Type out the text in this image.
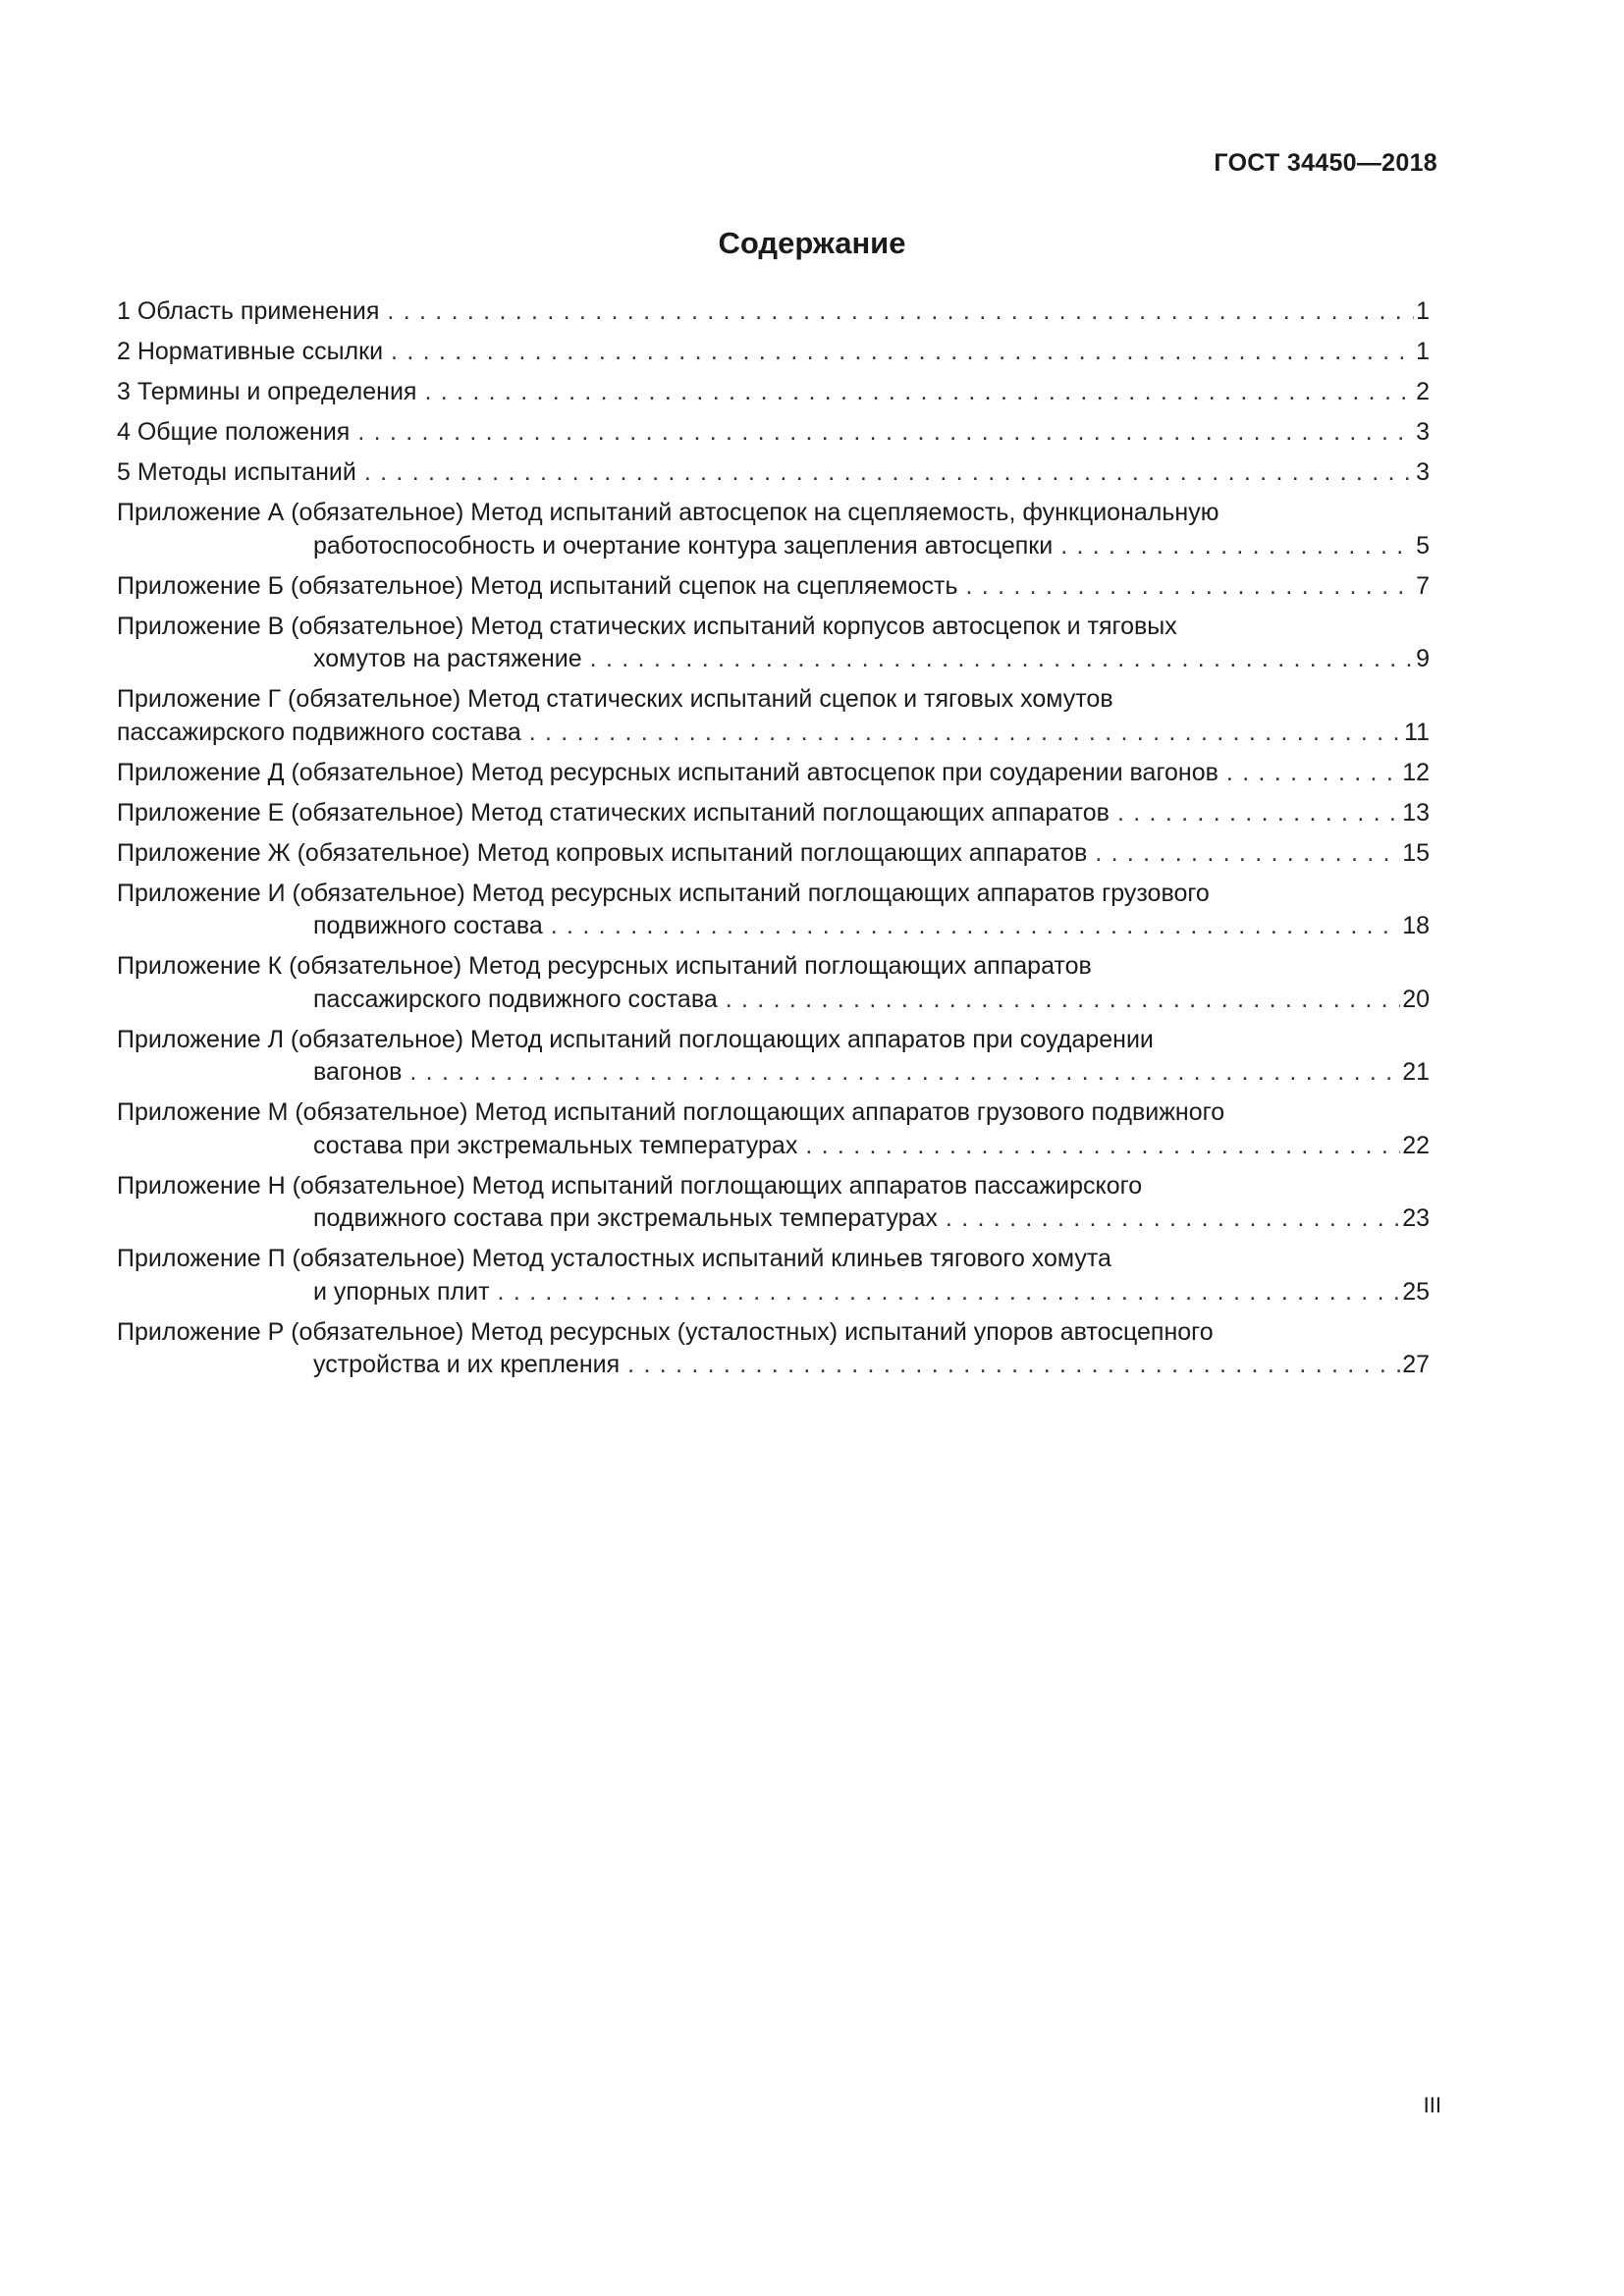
ГОСТ 34450—2018
Содержание
1 Область применения . . .	1
2 Нормативные ссылки . . .	1
3 Термины и определения . . .	2
4 Общие положения . . .	3
5 Методы испытаний . . .	3
Приложение А (обязательное) Метод испытаний автосцепок на сцепляемость, функциональную
работоспособность и очертание контура зацепления автосцепки . . .	5
Приложение Б (обязательное) Метод испытаний сцепок на сцепляемость . . .	7
Приложение В (обязательное) Метод статических испытаний корпусов автосцепок и тяговых
хомутов на растяжение . . .	9
Приложение Г (обязательное) Метод статических испытаний сцепок и тяговых хомутов
пассажирского подвижного состава . . .	11
Приложение Д (обязательное) Метод ресурсных испытаний автосцепок при соударении вагонов . . .	12
Приложение Е (обязательное) Метод статических испытаний поглощающих аппаратов . . .	13
Приложение Ж (обязательное) Метод копровых испытаний поглощающих аппаратов . . .	15
Приложение И (обязательное) Метод ресурсных испытаний поглощающих аппаратов грузового
подвижного состава . . .	18
Приложение К (обязательное) Метод ресурсных испытаний поглощающих аппаратов
пассажирского подвижного состава . . .	20
Приложение Л (обязательное) Метод испытаний поглощающих аппаратов при соударении
вагонов . . .	21
Приложение М (обязательное) Метод испытаний поглощающих аппаратов грузового подвижного
состава при экстремальных температурах . . .	22
Приложение Н (обязательное) Метод испытаний поглощающих аппаратов пассажирского
подвижного состава при экстремальных температурах . . .	23
Приложение П (обязательное) Метод усталостных испытаний клиньев тягового хомута
и упорных плит . . .	25
Приложение Р (обязательное) Метод ресурсных (усталостных) испытаний упоров автосцепного
устройства и их крепления . . .	27
III
